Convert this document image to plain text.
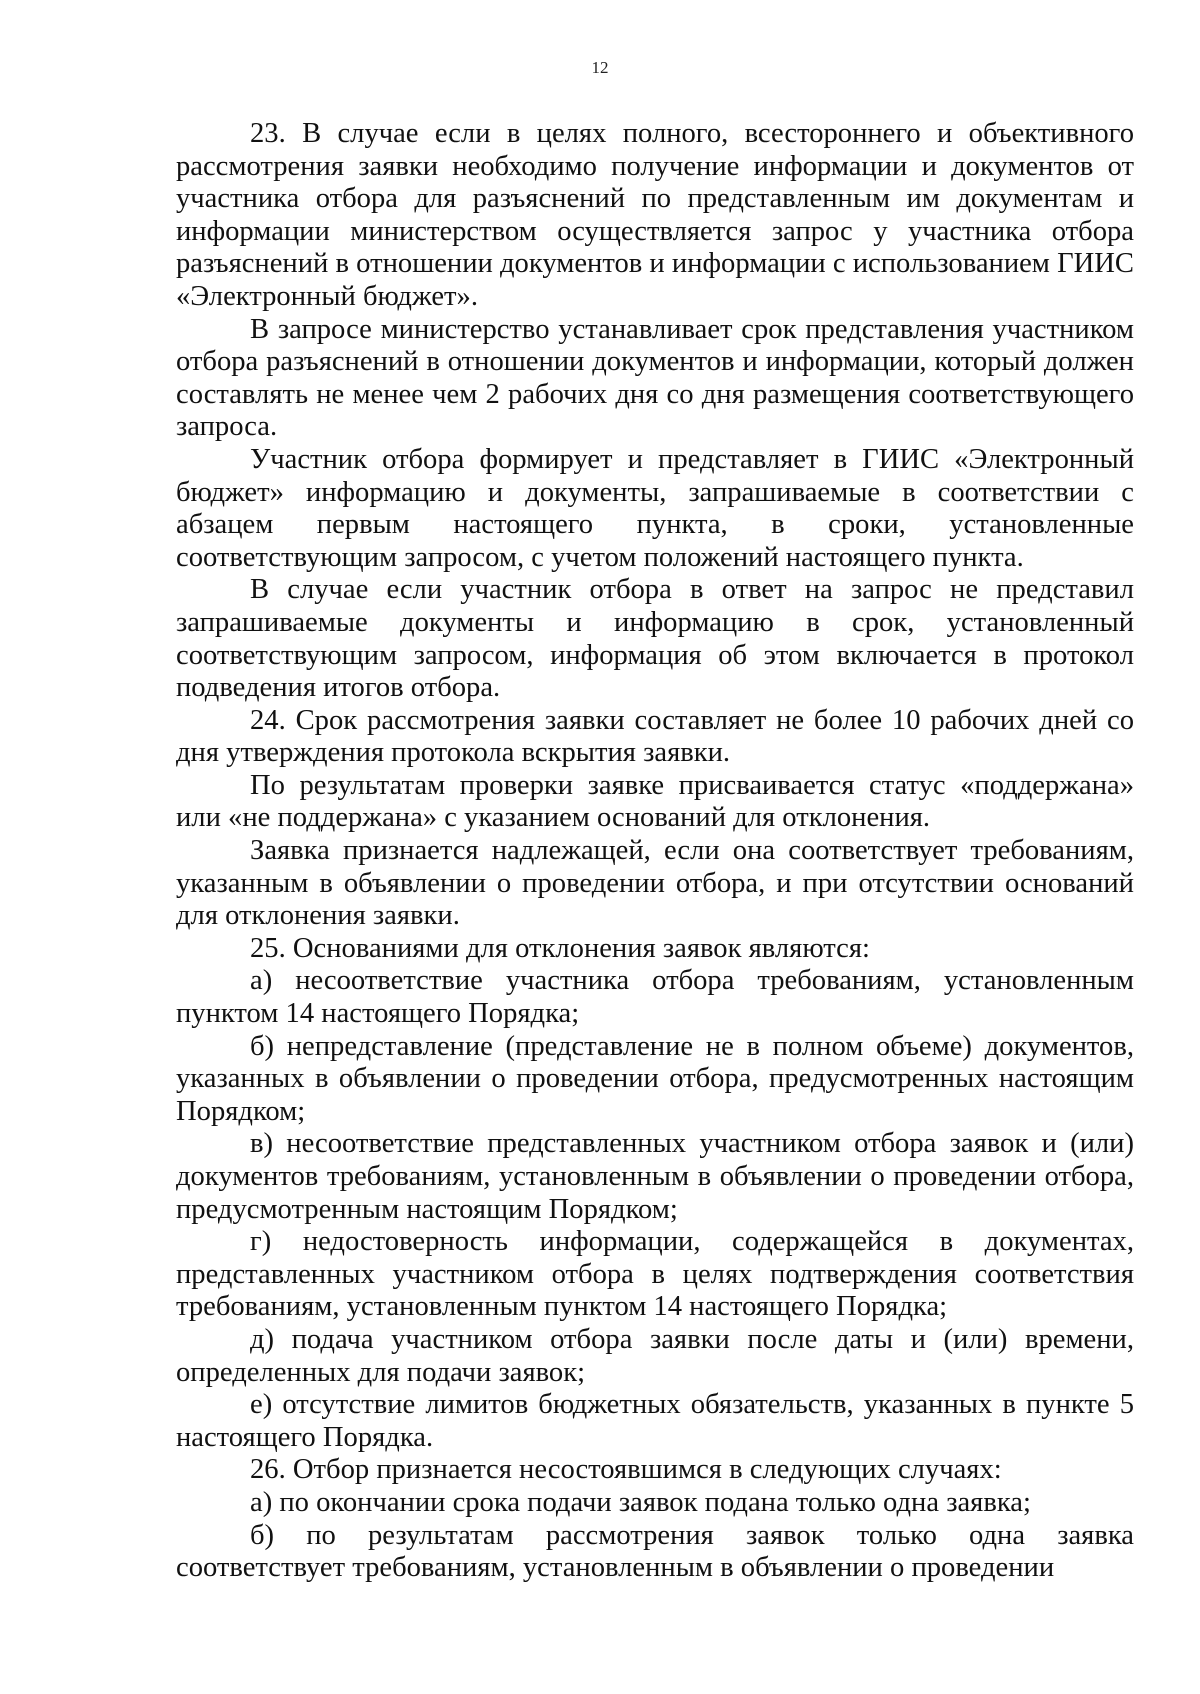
12

23. В случае если в целях полного, всестороннего и объективного рассмотрения заявки необходимо получение информации и документов от участника отбора для разъяснений по представленным им документам и информации министерством осуществляется запрос у участника отбора разъяснений в отношении документов и информации с использованием ГИИС «Электронный бюджет».

В запросе министерство устанавливает срок представления участником отбора разъяснений в отношении документов и информации, который должен составлять не менее чем 2 рабочих дня со дня размещения соответствующего запроса.

Участник отбора формирует и представляет в ГИИС «Электронный бюджет» информацию и документы, запрашиваемые в соответствии с абзацем первым настоящего пункта, в сроки, установленные соответствующим запросом, с учетом положений настоящего пункта.

В случае если участник отбора в ответ на запрос не представил запрашиваемые документы и информацию в срок, установленный соответствующим запросом, информация об этом включается в протокол подведения итогов отбора.

24. Срок рассмотрения заявки составляет не более 10 рабочих дней со дня утверждения протокола вскрытия заявки.

По результатам проверки заявке присваивается статус «поддержана» или «не поддержана» с указанием оснований для отклонения.

Заявка признается надлежащей, если она соответствует требованиям, указанным в объявлении о проведении отбора, и при отсутствии оснований для отклонения заявки.

25. Основаниями для отклонения заявок являются:

а) несоответствие участника отбора требованиям, установленным пунктом 14 настоящего Порядка;

б) непредставление (представление не в полном объеме) документов, указанных в объявлении о проведении отбора, предусмотренных настоящим Порядком;

в) несоответствие представленных участником отбора заявок и (или) документов требованиям, установленным в объявлении о проведении отбора, предусмотренным настоящим Порядком;

г) недостоверность информации, содержащейся в документах, представленных участником отбора в целях подтверждения соответствия требованиям, установленным пунктом 14 настоящего Порядка;

д) подача участником отбора заявки после даты и (или) времени, определенных для подачи заявок;

е) отсутствие лимитов бюджетных обязательств, указанных в пункте 5 настоящего Порядка.

26. Отбор признается несостоявшимся в следующих случаях:

а) по окончании срока подачи заявок подана только одна заявка;

б) по результатам рассмотрения заявок только одна заявка соответствует требованиям, установленным в объявлении о проведении
